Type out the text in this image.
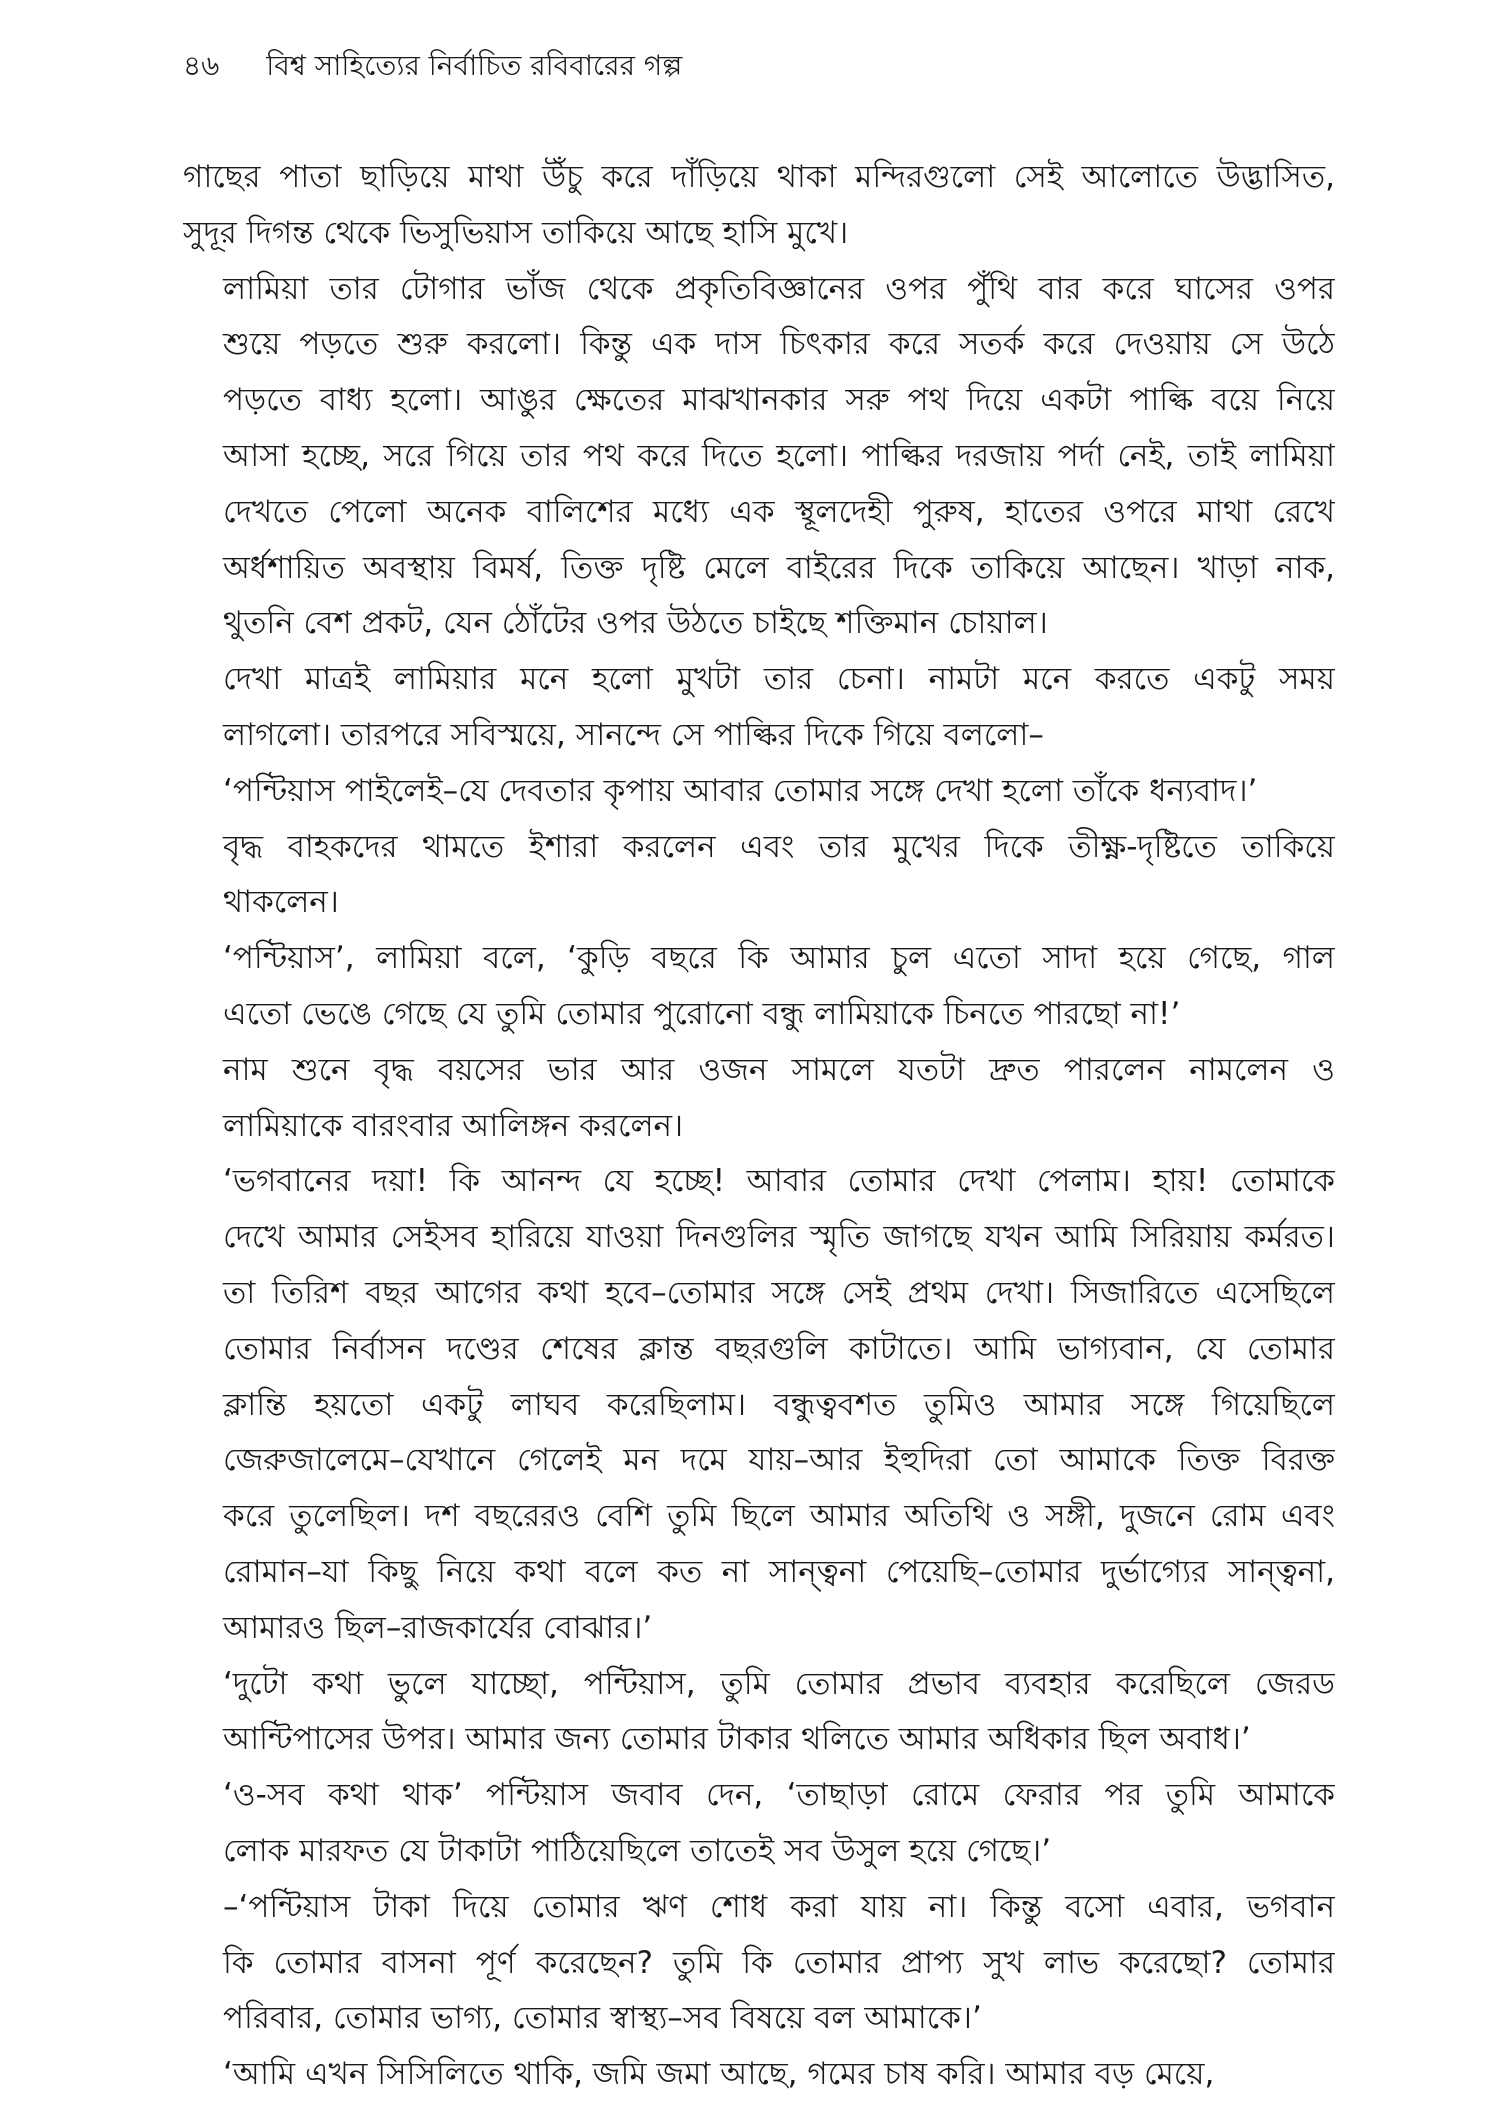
৪৬ বিশ্ব সাহিত্যের নির্বাচিত রবিবারের গল্প

গাছের পাতা ছাড়িয়ে মাথা উঁচু করে দাঁড়িয়ে থাকা মন্দিরগুলো সেই আলোতে উদ্ভাসিত,
সুদূর দিগন্ত থেকে ভিসুভিয়াস তাকিয়ে আছে হাসি মুখে।

লামিয়া তার টোগার ভাঁজ থেকে প্রকৃতিবিজ্ঞানের ওপর পুঁথি বার করে ঘাসের ওপর
শুয়ে পড়তে শুরু করলো। কিন্তু এক দাস চিৎকার করে সতর্ক করে দেওয়ায় সে উঠে
পড়তে বাধ্য হলো। আঙুর ক্ষেতের মাঝখানকার সরু পথ দিয়ে একটা পাল্কি বয়ে নিয়ে
আসা হচ্ছে, সরে গিয়ে তার পথ করে দিতে হলো। পাল্কির দরজায় পর্দা নেই, তাই লামিয়া
দেখতে পেলো অনেক বালিশের মধ্যে এক স্থূলদেহী পুরুষ, হাতের ওপরে মাথা রেখে
অর্ধশায়িত অবস্থায় বিমর্ষ, তিক্ত দৃষ্টি মেলে বাইরের দিকে তাকিয়ে আছেন। খাড়া নাক,
থুতনি বেশ প্রকট, যেন ঠোঁটের ওপর উঠতে চাইছে শক্তিমান চোয়াল।

দেখা মাত্রই লামিয়ার মনে হলো মুখটা তার চেনা। নামটা মনে করতে একটু সময়
লাগলো। তারপরে সবিস্ময়ে, সানন্দে সে পাল্কির দিকে গিয়ে বললো–

‘পন্টিয়াস পাইলেই–যে দেবতার কৃপায় আবার তোমার সঙ্গে দেখা হলো তাঁকে ধন্যবাদ।’

বৃদ্ধ বাহকদের থামতে ইশারা করলেন এবং তার মুখের দিকে তীক্ষ্ণ-দৃষ্টিতে তাকিয়ে
থাকলেন।

‘পন্টিয়াস’, লামিয়া বলে, ‘কুড়ি বছরে কি আমার চুল এতো সাদা হয়ে গেছে, গাল
এতো ভেঙে গেছে যে তুমি তোমার পুরোনো বন্ধু লামিয়াকে চিনতে পারছো না!’

নাম শুনে বৃদ্ধ বয়সের ভার আর ওজন সামলে যতটা দ্রুত পারলেন নামলেন ও
লামিয়াকে বারংবার আলিঙ্গন করলেন।

‘ভগবানের দয়া! কি আনন্দ যে হচ্ছে! আবার তোমার দেখা পেলাম। হায়! তোমাকে
দেখে আমার সেইসব হারিয়ে যাওয়া দিনগুলির স্মৃতি জাগছে যখন আমি সিরিয়ায় কর্মরত।
তা তিরিশ বছর আগের কথা হবে–তোমার সঙ্গে সেই প্রথম দেখা। সিজারিতে এসেছিলে
তোমার নির্বাসন দণ্ডের শেষের ক্লান্ত বছরগুলি কাটাতে। আমি ভাগ্যবান, যে তোমার
ক্লান্তি হয়তো একটু লাঘব করেছিলাম। বন্ধুত্ববশত তুমিও আমার সঙ্গে গিয়েছিলে
জেরুজালেমে–যেখানে গেলেই মন দমে যায়–আর ইহুদিরা তো আমাকে তিক্ত বিরক্ত
করে তুলেছিল। দশ বছরেরও বেশি তুমি ছিলে আমার অতিথি ও সঙ্গী, দুজনে রোম এবং
রোমান–যা কিছু নিয়ে কথা বলে কত না সান্ত্বনা পেয়েছি–তোমার দুর্ভাগ্যের সান্ত্বনা,
আমারও ছিল–রাজকার্যের বোঝার।’

‘দুটো কথা ভুলে যাচ্ছো, পন্টিয়াস, তুমি তোমার প্রভাব ব্যবহার করেছিলে জেরড
আন্টিপাসের উপর। আমার জন্য তোমার টাকার থলিতে আমার অধিকার ছিল অবাধ।’

‘ও-সব কথা থাক’ পন্টিয়াস জবাব দেন, ‘তাছাড়া রোমে ফেরার পর তুমি আমাকে
লোক মারফত যে টাকাটা পাঠিয়েছিলে তাতেই সব উসুল হয়ে গেছে।’

–‘পন্টিয়াস টাকা দিয়ে তোমার ঋণ শোধ করা যায় না। কিন্তু বসো এবার, ভগবান
কি তোমার বাসনা পূর্ণ করেছেন? তুমি কি তোমার প্রাপ্য সুখ লাভ করেছো? তোমার
পরিবার, তোমার ভাগ্য, তোমার স্বাস্থ্য–সব বিষয়ে বল আমাকে।’

‘আমি এখন সিসিলিতে থাকি, জমি জমা আছে, গমের চাষ করি। আমার বড় মেয়ে,
